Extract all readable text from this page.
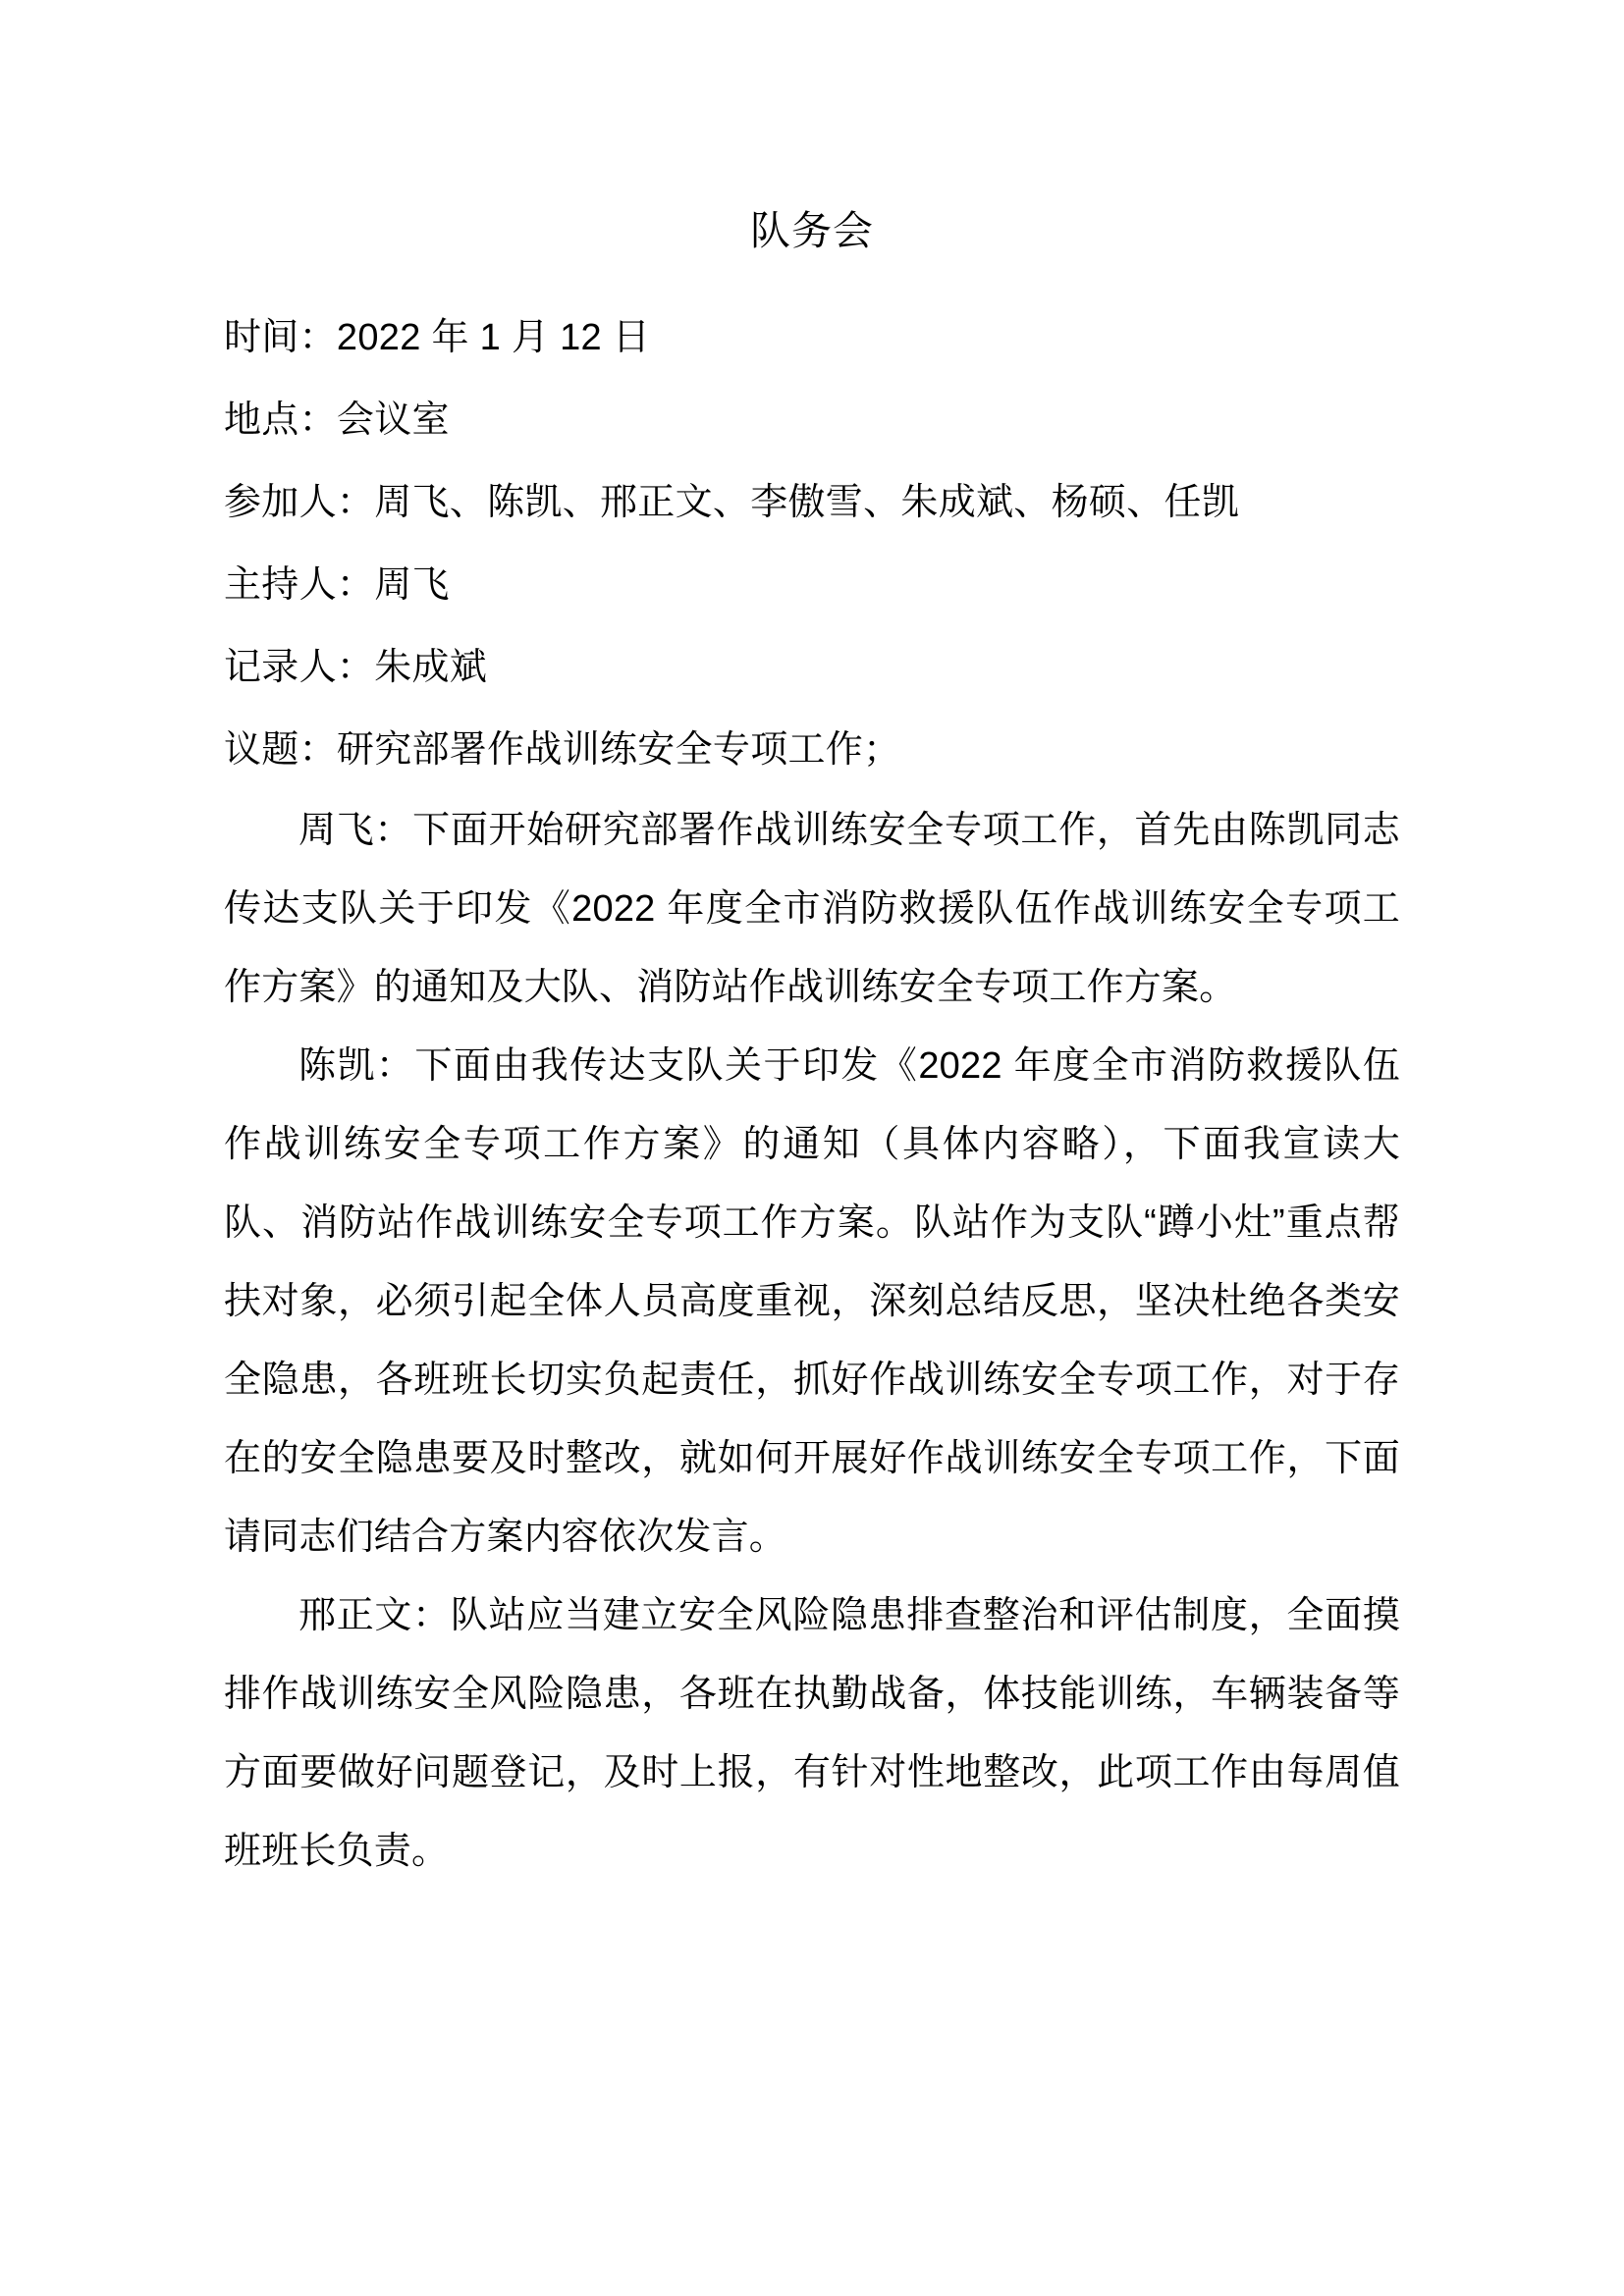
队务会

时间：2022 年 1 月 12 日

地点：会议室

参加人：周飞、陈凯、邢正文、李傲雪、朱成斌、杨硕、任凯

主持人：周飞

记录人：朱成斌

议题：研究部署作战训练安全专项工作；

周飞：下面开始研究部署作战训练安全专项工作，首先由陈凯同志传达支队关于印发《2022 年度全市消防救援队伍作战训练安全专项工作方案》的通知及大队、消防站作战训练安全专项工作方案。

陈凯：下面由我传达支队关于印发《2022 年度全市消防救援队伍作战训练安全专项工作方案》的通知（具体内容略），下面我宣读大队、消防站作战训练安全专项工作方案。队站作为支队“蹲小灶”重点帮扶对象，必须引起全体人员高度重视，深刻总结反思，坚决杜绝各类安全隐患，各班班长切实负起责任，抓好作战训练安全专项工作，对于存在的安全隐患要及时整改，就如何开展好作战训练安全专项工作，下面请同志们结合方案内容依次发言。

邢正文：队站应当建立安全风险隐患排查整治和评估制度，全面摸排作战训练安全风险隐患，各班在执勤战备，体技能训练，车辆装备等方面要做好问题登记，及时上报，有针对性地整改，此项工作由每周值班班长负责。
